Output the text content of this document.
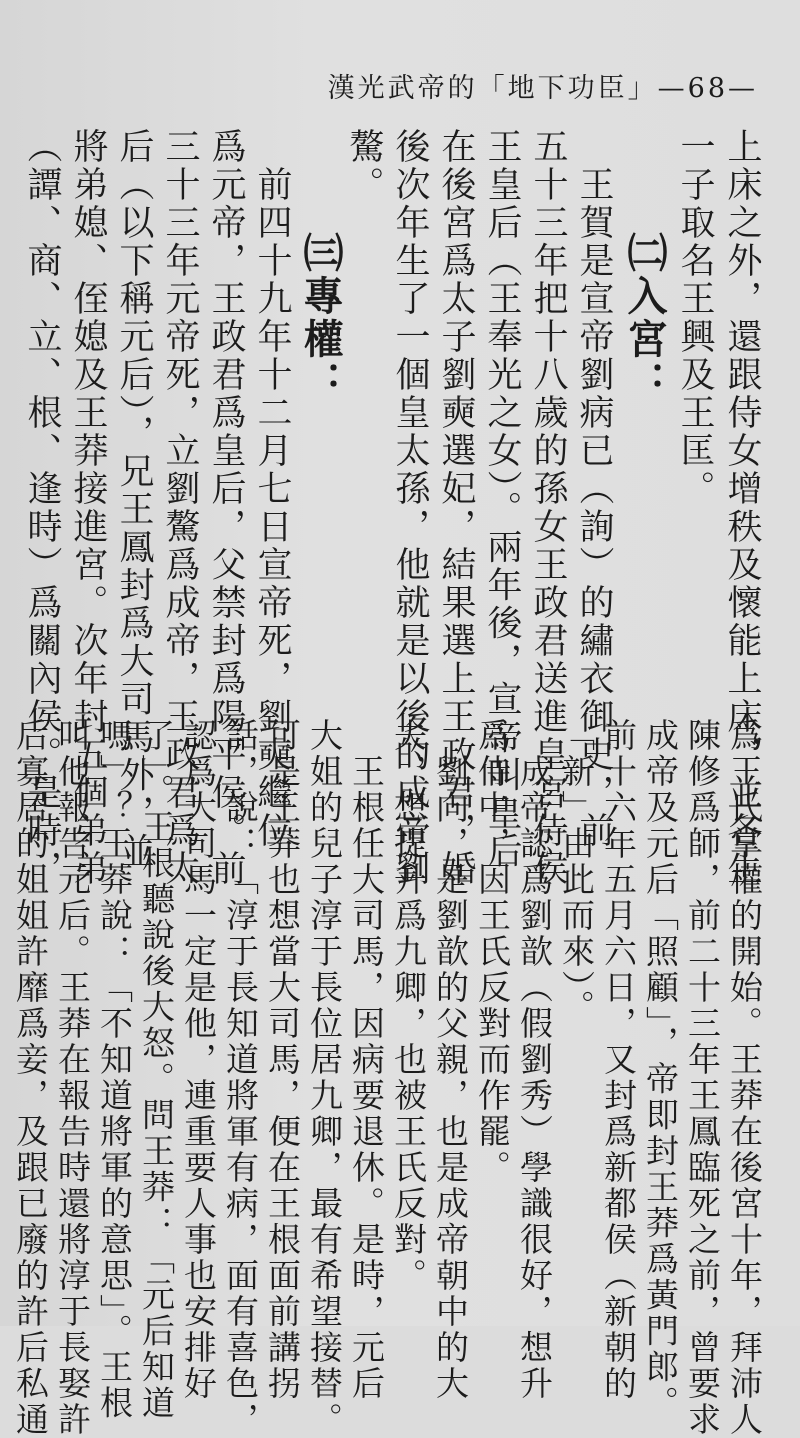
漢光武帝的「地下功臣」—68—
上床之外，還跟侍女增秩及懷能上床，並各生
一子取名王興及王匡。
㈡入宮：
　王賀是宣帝劉病已（詢）的繡衣御史，前
五十三年把十八歲的孫女王政君送進皇宮侍侯
王皇后（王奉光之女）。兩年後，宣帝叫皇后
在後宮爲太子劉奭選妃，結果選上王政君，婚
後次年生了一個皇太孫，他就是以後的成帝劉
驁。
㈢專權：
　前四十九年十二月七日宣帝死，劉奭繼位
爲元帝，王政君爲皇后，父禁封爲陽平侯。前
三十三年元帝死，立劉驁爲成帝，王政君爲太
后（以下稱元后），兄王鳳封爲大司馬外，並
將弟媳、侄媳及王莽接進宮。次年封五個弟弟
（譚、商、立、根、逢時）爲關內侯。是時，
爲王氏掌權的開始。王莽在後宮十年，拜沛人
陳修爲師，前二十三年王鳳臨死之前，曾要求
成帝及元后「照顧」，帝即封王莽爲黃門郎。
前十六年五月六日，又封爲新都侯（新朝的
「新」由此而來）。
　成帝認爲劉歆（假劉秀）學識很好，想升
爲侍中，因王氏反對而作罷。
　劉向，是劉歆的父親，也是成帝朝中的大
夫，想提升爲九卿，也被王氏反對。
　王根任大司馬，因病要退休。是時，元后
大姐的兒子淳于長位居九卿，最有希望接替。
可是王莽也想當大司馬，便在王根面前講拐
話，說：「淳于長知道將軍有病，面有喜色，
認爲大司馬一定是他，連重要人事也安排好
了」。王根聽說後大怒。問王莽：「元后知道
嗎」？王莽說：「不知道將軍的意思」。王根
叫他報告元后。王莽在報告時還將淳于長娶許
后寡居的姐姐許靡爲妾，及跟已廢的許后私通
